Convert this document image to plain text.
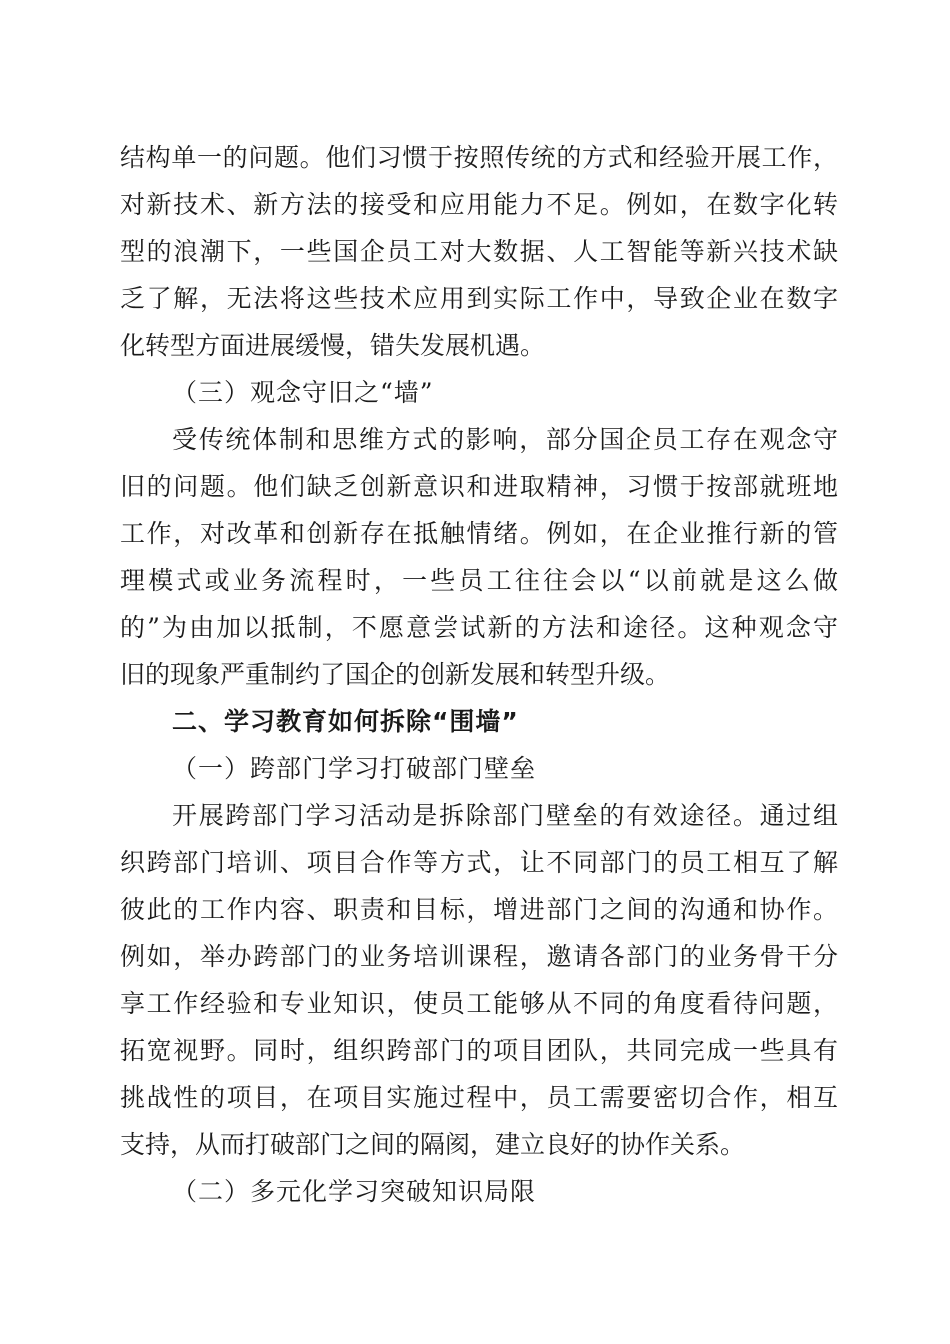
结构单一的问题。他们习惯于按照传统的方式和经验开展工作，
对新技术、新方法的接受和应用能力不足。例如，在数字化转
型的浪潮下，一些国企员工对大数据、人工智能等新兴技术缺
乏了解，无法将这些技术应用到实际工作中，导致企业在数字
化转型方面进展缓慢，错失发展机遇。
（三）观念守旧之“墙”
受传统体制和思维方式的影响，部分国企员工存在观念守
旧的问题。他们缺乏创新意识和进取精神，习惯于按部就班地
工作，对改革和创新存在抵触情绪。例如，在企业推行新的管
理模式或业务流程时，一些员工往往会以“以前就是这么做
的”为由加以抵制，不愿意尝试新的方法和途径。这种观念守
旧的现象严重制约了国企的创新发展和转型升级。
二、学习教育如何拆除“围墙”
（一）跨部门学习打破部门壁垒
开展跨部门学习活动是拆除部门壁垒的有效途径。通过组
织跨部门培训、项目合作等方式，让不同部门的员工相互了解
彼此的工作内容、职责和目标，增进部门之间的沟通和协作。
例如，举办跨部门的业务培训课程，邀请各部门的业务骨干分
享工作经验和专业知识，使员工能够从不同的角度看待问题，
拓宽视野。同时，组织跨部门的项目团队，共同完成一些具有
挑战性的项目，在项目实施过程中，员工需要密切合作，相互
支持，从而打破部门之间的隔阂，建立良好的协作关系。
（二）多元化学习突破知识局限
